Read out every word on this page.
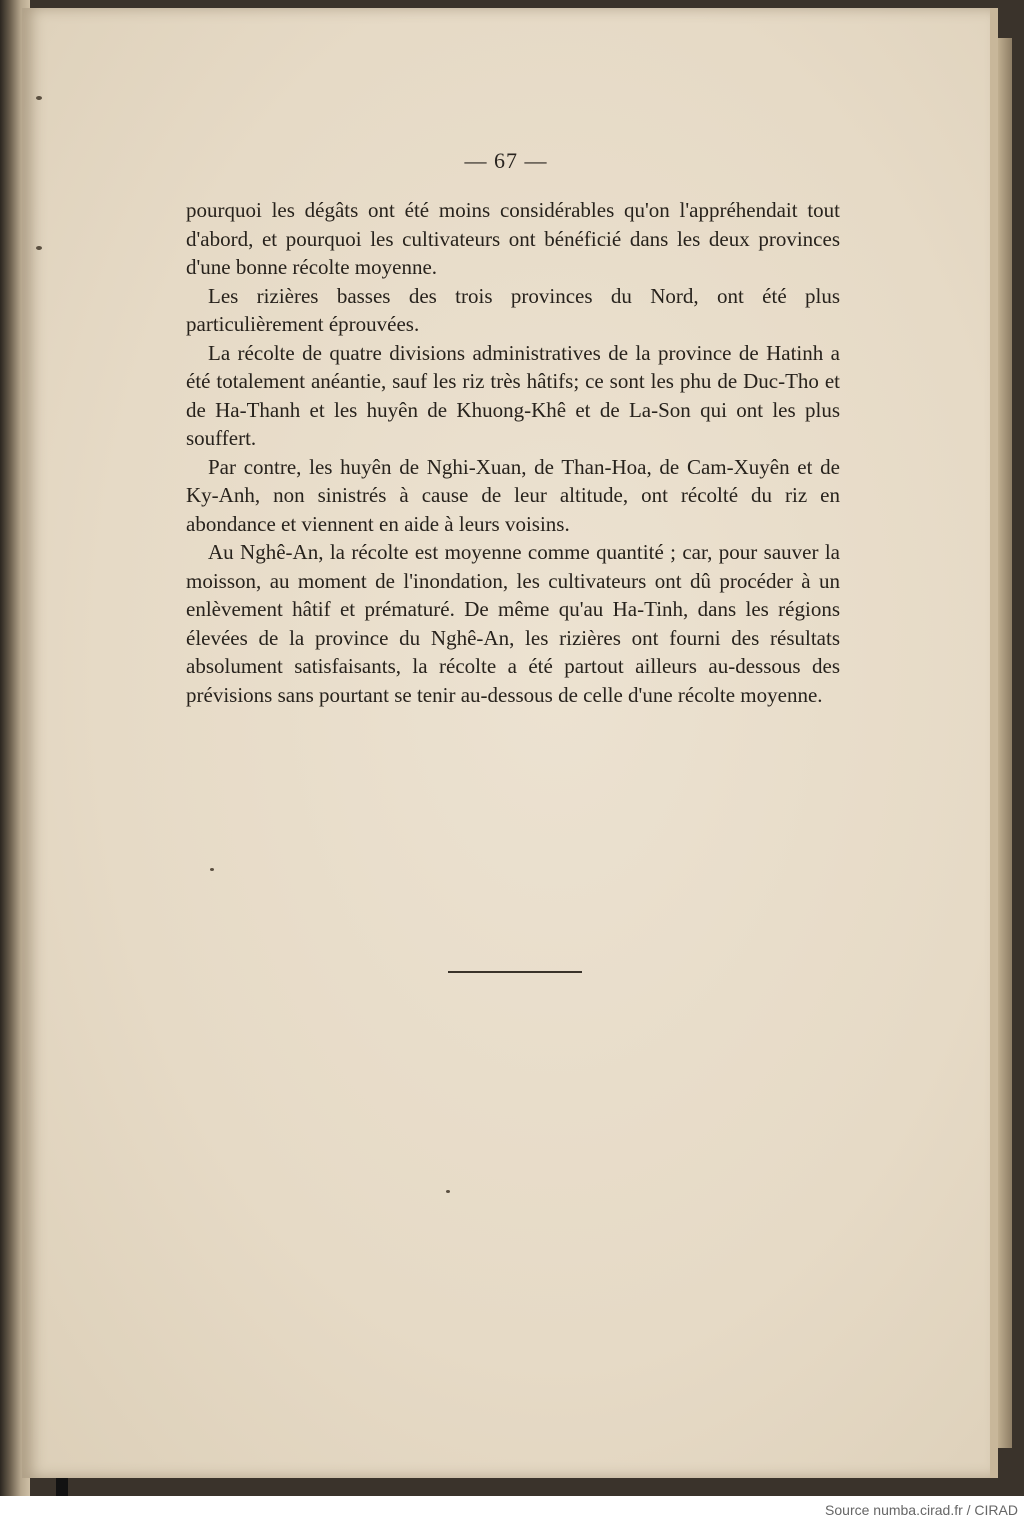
— 67 —

pourquoi les dégâts ont été moins considérables qu'on l'appréhendait tout d'abord, et pourquoi les cultivateurs ont bénéficié dans les deux provinces d'une bonne récolte moyenne.

Les rizières basses des trois provinces du Nord, ont été plus particulièrement éprouvées.

La récolte de quatre divisions administratives de la province de Hatinh a été totalement anéantie, sauf les riz très hâtifs; ce sont les phu de Duc-Tho et de Ha-Thanh et les huyên de Khuong-Khê et de La-Son qui ont les plus souffert.

Par contre, les huyên de Nghi-Xuan, de Than-Hoa, de Cam-Xuyên et de Ky-Anh, non sinistrés à cause de leur altitude, ont récolté du riz en abondance et viennent en aide à leurs voisins.

Au Nghê-An, la récolte est moyenne comme quantité ; car, pour sauver la moisson, au moment de l'inondation, les cultivateurs ont dû procéder à un enlèvement hâtif et prématuré. De même qu'au Ha-Tinh, dans les régions élevées de la province du Nghê-An, les rizières ont fourni des résultats absolument satisfaisants, la récolte a été partout ailleurs au-dessous des prévisions sans pourtant se tenir au-dessous de celle d'une récolte moyenne.

Source numba.cirad.fr / CIRAD
